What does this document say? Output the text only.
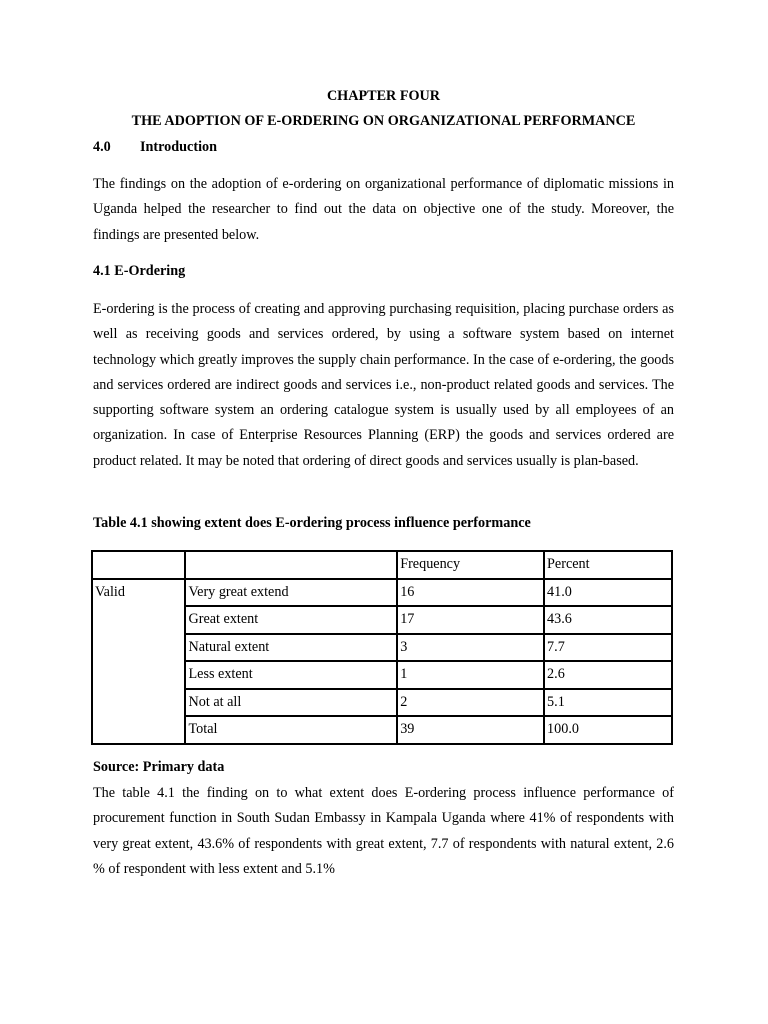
CHAPTER FOUR
THE ADOPTION OF E-ORDERING ON ORGANIZATIONAL PERFORMANCE
4.0 Introduction
The findings on the adoption of e-ordering on organizational performance of diplomatic missions in Uganda helped the researcher to find out the data on objective one of the study. Moreover, the findings are presented below.
4.1 E-Ordering
E-ordering is the process of creating and approving purchasing requisition, placing purchase orders as well as receiving goods and services ordered, by using a software system based on internet technology which greatly improves the supply chain performance. In the case of e-ordering, the goods and services ordered are indirect goods and services i.e., non-product related goods and services. The supporting software system an ordering catalogue system is usually used by all employees of an organization. In case of Enterprise Resources Planning (ERP) the goods and services ordered are product related. It may be noted that ordering of direct goods and services usually is plan-based.
Table 4.1 showing extent does E-ordering process influence performance
		Frequency	Percent
Valid	Very great extend	16	41.0
	Great extent	17	43.6
	Natural extent	3	7.7
	Less extent	1	2.6
	Not at all	2	5.1
	Total	39	100.0
Source: Primary data
The table 4.1 the finding on to what extent does E-ordering process influence performance of procurement function in South Sudan Embassy in Kampala Uganda where 41% of respondents with very great extent, 43.6% of respondents with great extent, 7.7 of respondents with natural extent, 2.6 % of respondent with less extent and 5.1%
